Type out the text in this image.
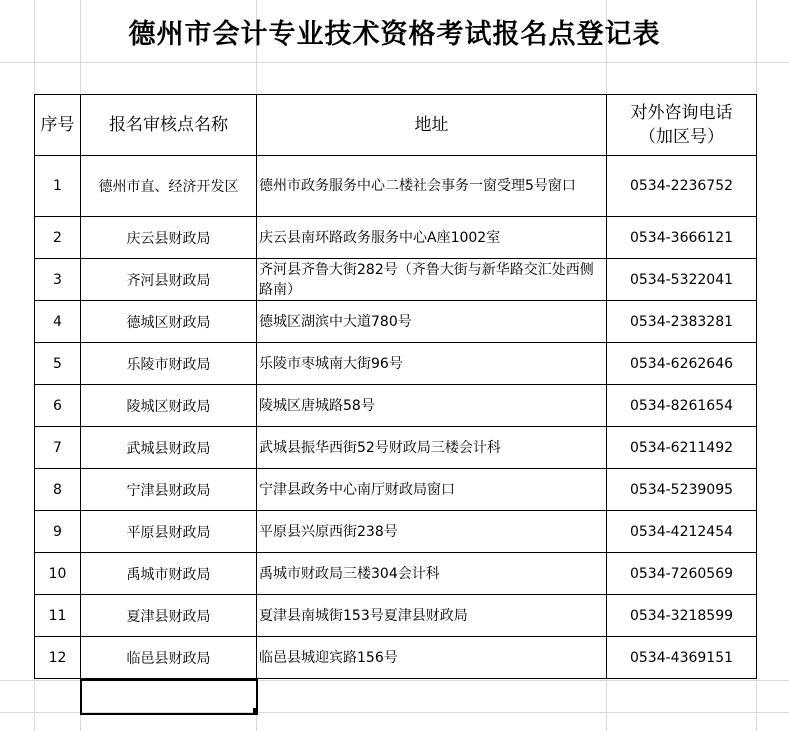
德州市会计专业技术资格考试报名点登记表
序号	报名审核点名称	地址	对外咨询电话
（加区号）

1	德州市直、经济开发区	德州市政务服务中心二楼社会事务一窗受理5号窗口	0534-2236752
2	庆云县财政局	庆云县南环路政务服务中心A座1002室	0534-3666121
3	齐河县财政局	齐河县齐鲁大街282号（齐鲁大街与新华路交汇处西侧路南）	0534-5322041
4	德城区财政局	德城区湖滨中大道780号	0534-2383281
5	乐陵市财政局	乐陵市枣城南大街96号	0534-6262646
6	陵城区财政局	陵城区唐城路58号	0534-8261654
7	武城县财政局	武城县振华西街52号财政局三楼会计科	0534-6211492
8	宁津县财政局	宁津县政务中心南厅财政局窗口	0534-5239095
9	平原县财政局	平原县兴原西街238号	0534-4212454
10	禹城市财政局	禹城市财政局三楼304会计科	0534-7260569
11	夏津县财政局	夏津县南城街153号夏津县财政局	0534-3218599
12	临邑县财政局	临邑县城迎宾路156号	0534-4369151
